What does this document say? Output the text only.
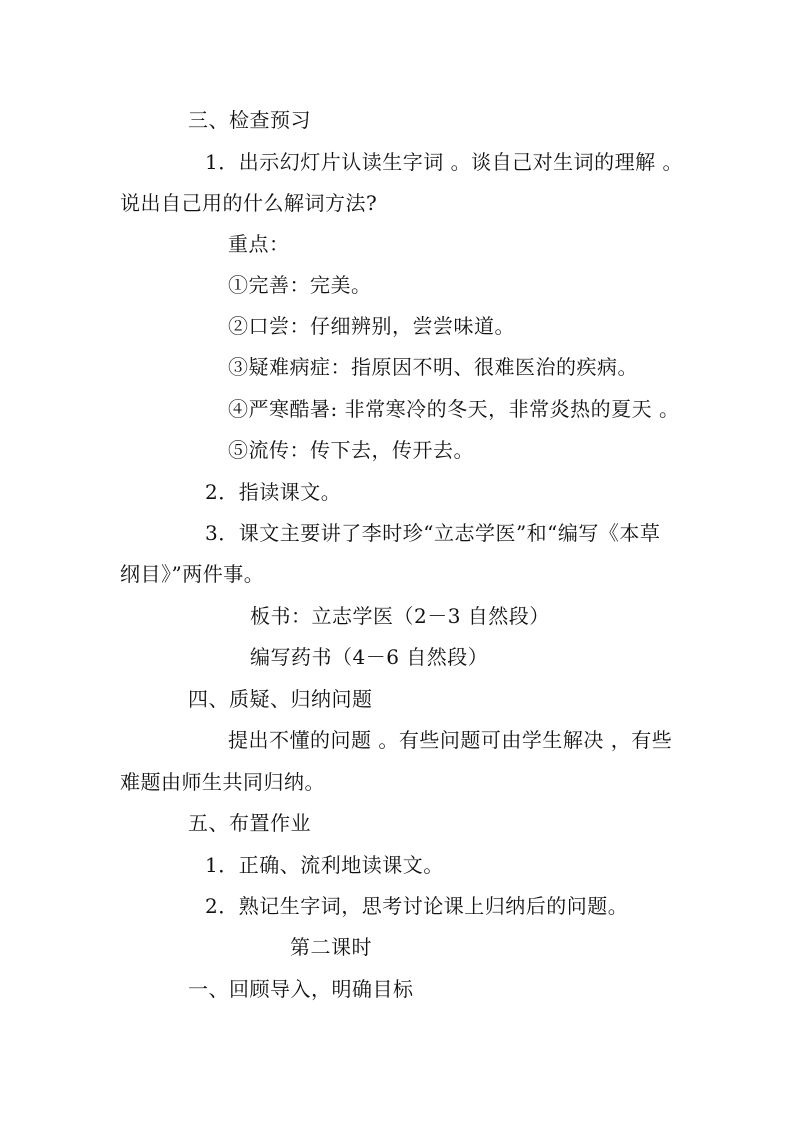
三、检查预习
1．出示幻灯片认读生字词 。谈自己对生词的理解 。
说出自己用的什么解词方法?
重点：
①完善：完美。
②口尝：仔细辨别，尝尝味道。
③疑难病症：指原因不明、很难医治的疾病。
④严寒酷暑: 非常寒冷的冬天，非常炎热的夏天 。
⑤流传：传下去，传开去。
2．指读课文。
3．课文主要讲了李时珍“立志学医”和“编写《本草
纲目》”两件事。
板书：立志学医（2－3 自然段）
编写药书（4－6 自然段）
四、质疑、归纳问题
提出不懂的问题 。有些问题可由学生解决 ，有些
难题由师生共同归纳。
五、布置作业
1．正确、流利地读课文。
2．熟记生字词，思考讨论课上归纳后的问题。
第二课时
一、回顾导入，明确目标
